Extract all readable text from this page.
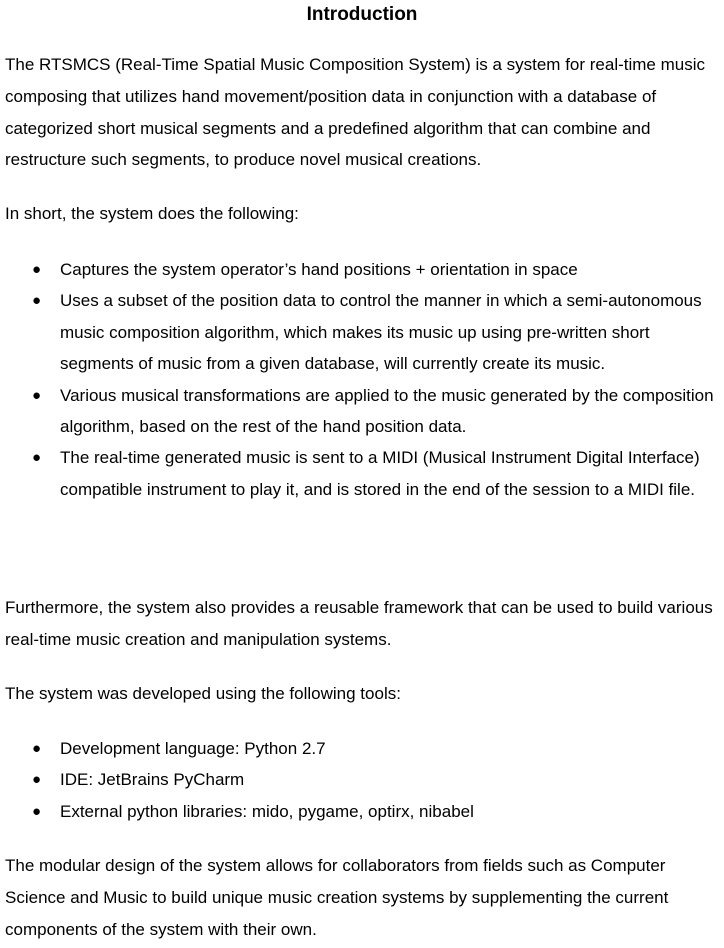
Introduction

The RTSMCS (Real-Time Spatial Music Composition System) is a system for real-time music composing that utilizes hand movement/position data in conjunction with a database of categorized short musical segments and a predefined algorithm that can combine and restructure such segments, to produce novel musical creations.

In short, the system does the following:

● Captures the system operator’s hand positions + orientation in space
● Uses a subset of the position data to control the manner in which a semi-autonomous music composition algorithm, which makes its music up using pre-written short segments of music from a given database, will currently create its music.
● Various musical transformations are applied to the music generated by the composition algorithm, based on the rest of the hand position data.
● The real-time generated music is sent to a MIDI (Musical Instrument Digital Interface) compatible instrument to play it, and is stored in the end of the session to a MIDI file.

Furthermore, the system also provides a reusable framework that can be used to build various real-time music creation and manipulation systems.

The system was developed using the following tools:

● Development language: Python 2.7
● IDE: JetBrains PyCharm
● External python libraries: mido, pygame, optirx, nibabel

The modular design of the system allows for collaborators from fields such as Computer Science and Music to build unique music creation systems by supplementing the current components of the system with their own.
